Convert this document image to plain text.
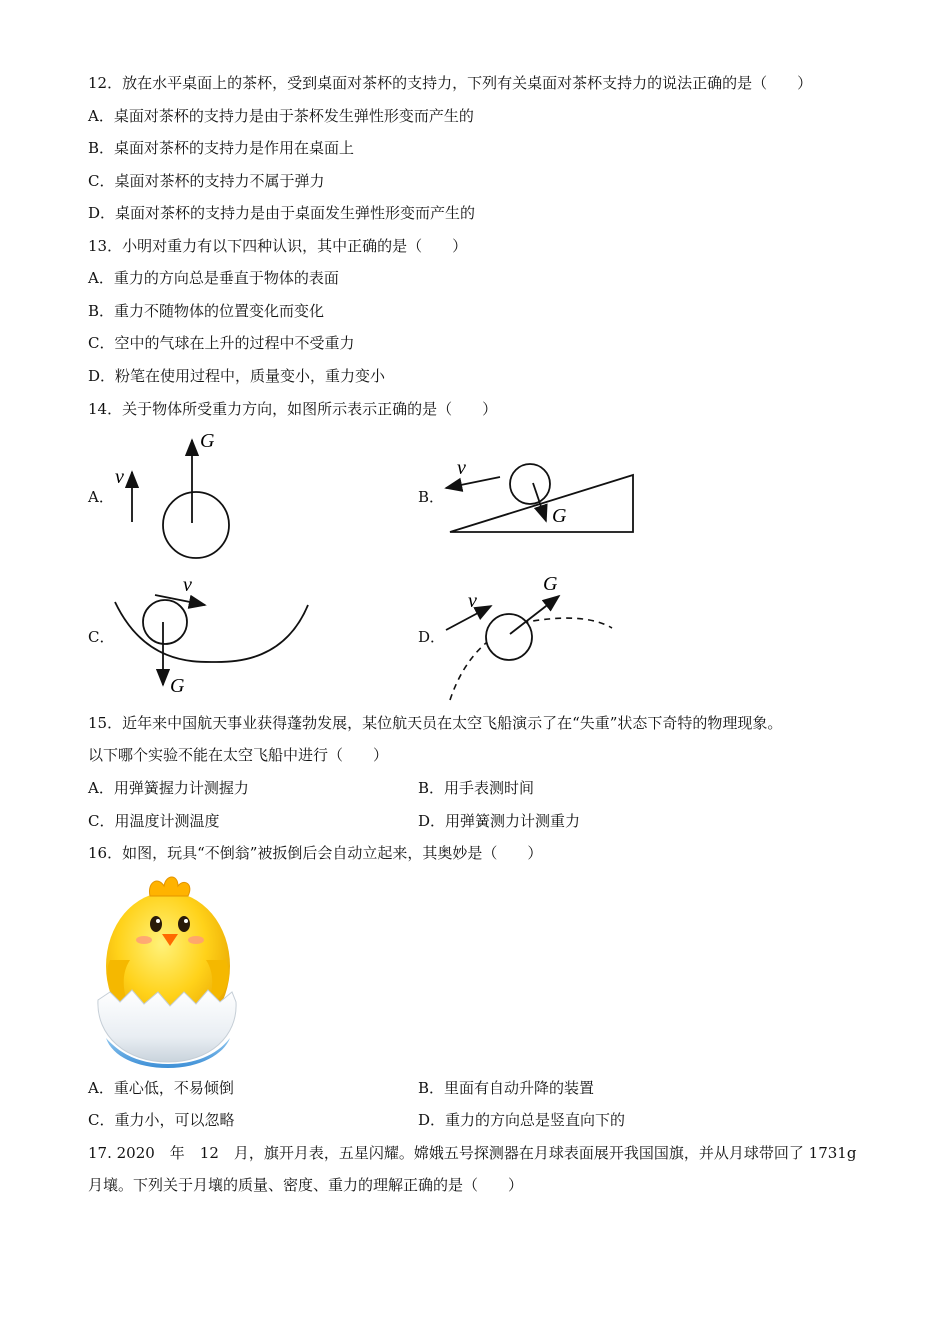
12．放在水平桌面上的茶杯，受到桌面对茶杯的支持力，下列有关桌面对茶杯支持力的说法正确的是（　　）
A．桌面对茶杯的支持力是由于茶杯发生弹性形变而产生的
B．桌面对茶杯的支持力是作用在桌面上
C．桌面对茶杯的支持力不属于弹力
D．桌面对茶杯的支持力是由于桌面发生弹性形变而产生的
13．小明对重力有以下四种认识，其中正确的是（　　）
A．重力的方向总是垂直于物体的表面
B．重力不随物体的位置变化而变化
C．空中的气球在上升的过程中不受重力
D．粉笔在使用过程中，质量变小，重力变小
14．关于物体所受重力方向，如图所示表示正确的是（　　）
A．	B．
C．	D．
v
G
v
G
v
G
v
G
15．近年来中国航天事业获得蓬勃发展，某位航天员在太空飞船演示了在“失重”状态下奇特的物理现象。
以下哪个实验不能在太空飞船中进行（　　）
A．用弹簧握力计测握力	B．用手表测时间
C．用温度计测温度	D．用弹簧测力计测重力
16．如图，玩具“不倒翁”被扳倒后会自动立起来，其奥妙是（　　）
A．重心低，不易倾倒	B．里面有自动升降的装置
C．重力小，可以忽略	D．重力的方向总是竖直向下的
17. 2020　年　12　月，旗开月表，五星闪耀。嫦娥五号探测器在月球表面展开我国国旗，并从月球带回了 1731g
月壤。下列关于月壤的质量、密度、重力的理解正确的是（　　）
